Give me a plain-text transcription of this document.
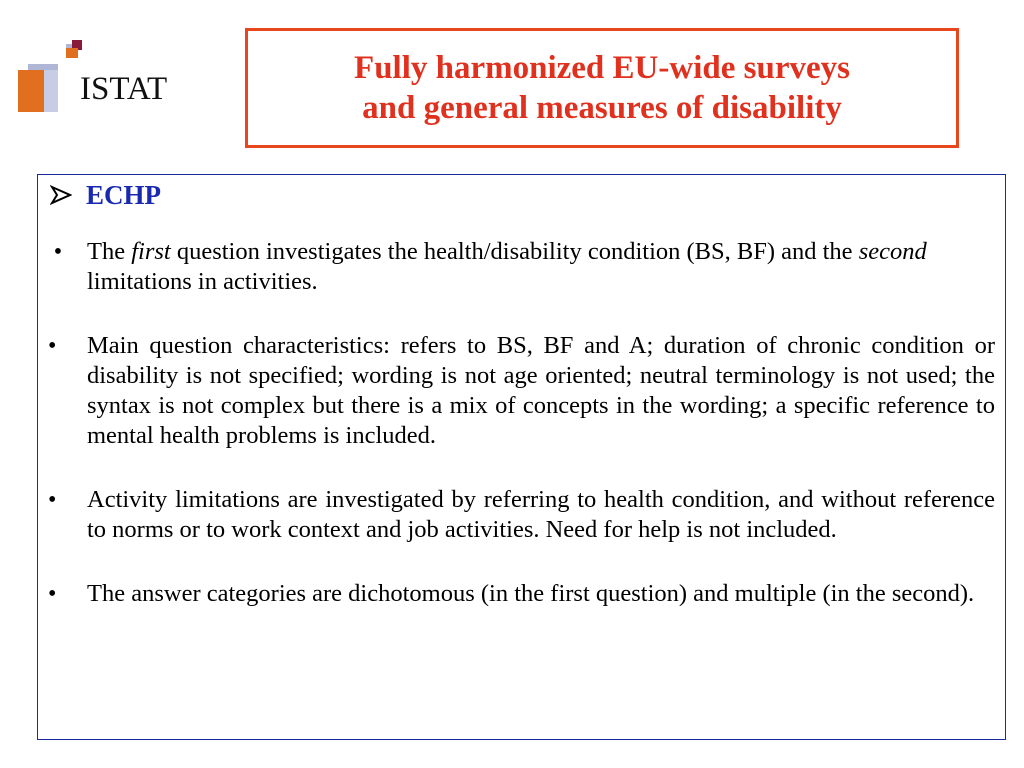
ISTAT
Fully harmonized EU-wide surveys
and general measures of disability
ECHP
• The first question investigates the health/disability condition (BS, BF) and the second limitations in activities.
•	Main question characteristics: refers to BS, BF and A; duration of chronic condition or disability is not specified; wording is not age oriented; neutral terminology is not used; the syntax is not complex but there is a mix of concepts in the wording; a specific reference to mental health problems is included.
•	Activity limitations are investigated by referring to health condition, and without reference to norms or to work context and job activities. Need for help is not included.
•	The answer categories are dichotomous (in the first question) and multiple (in the second).
